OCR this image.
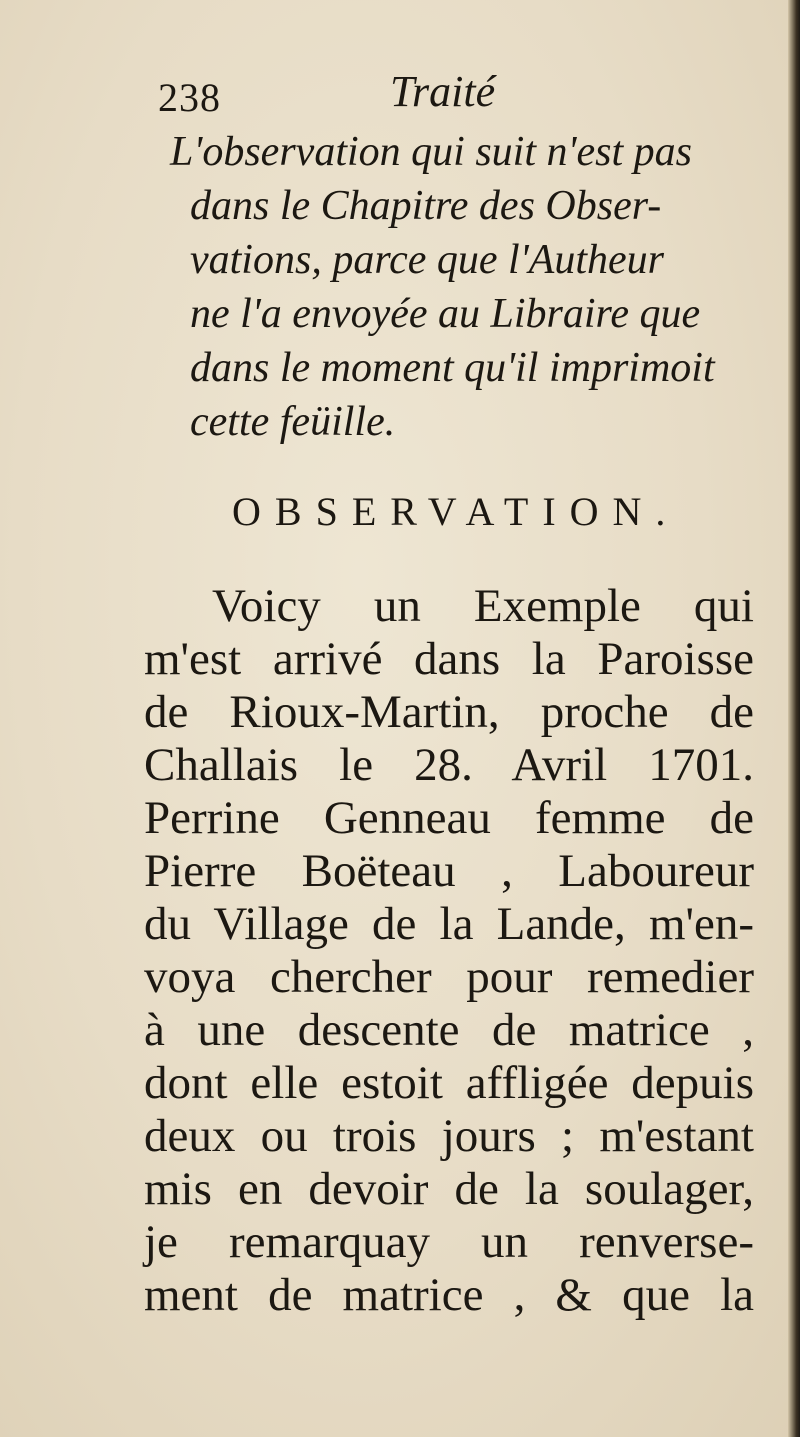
238	Traité
L'observation qui suit n'est pas
dans le Chapitre des Obser-
vations, parce que l'Autheur
ne l'a envoyée au Libraire que
dans le moment qu'il imprimoit
cette feüille.
OBSERVATION.
Voicy un Exemple qui
m'est arrivé dans la Paroisse
de Rioux-Martin, proche de
Challais le 28. Avril 1701.
Perrine Genneau femme de
Pierre Boëteau , Laboureur
du Village de la Lande, m'en-
voya chercher pour remedier
à une descente de matrice ,
dont elle estoit affligée depuis
deux ou trois jours ; m'estant
mis en devoir de la soulager,
je remarquay un renverse-
ment de matrice , & que la
